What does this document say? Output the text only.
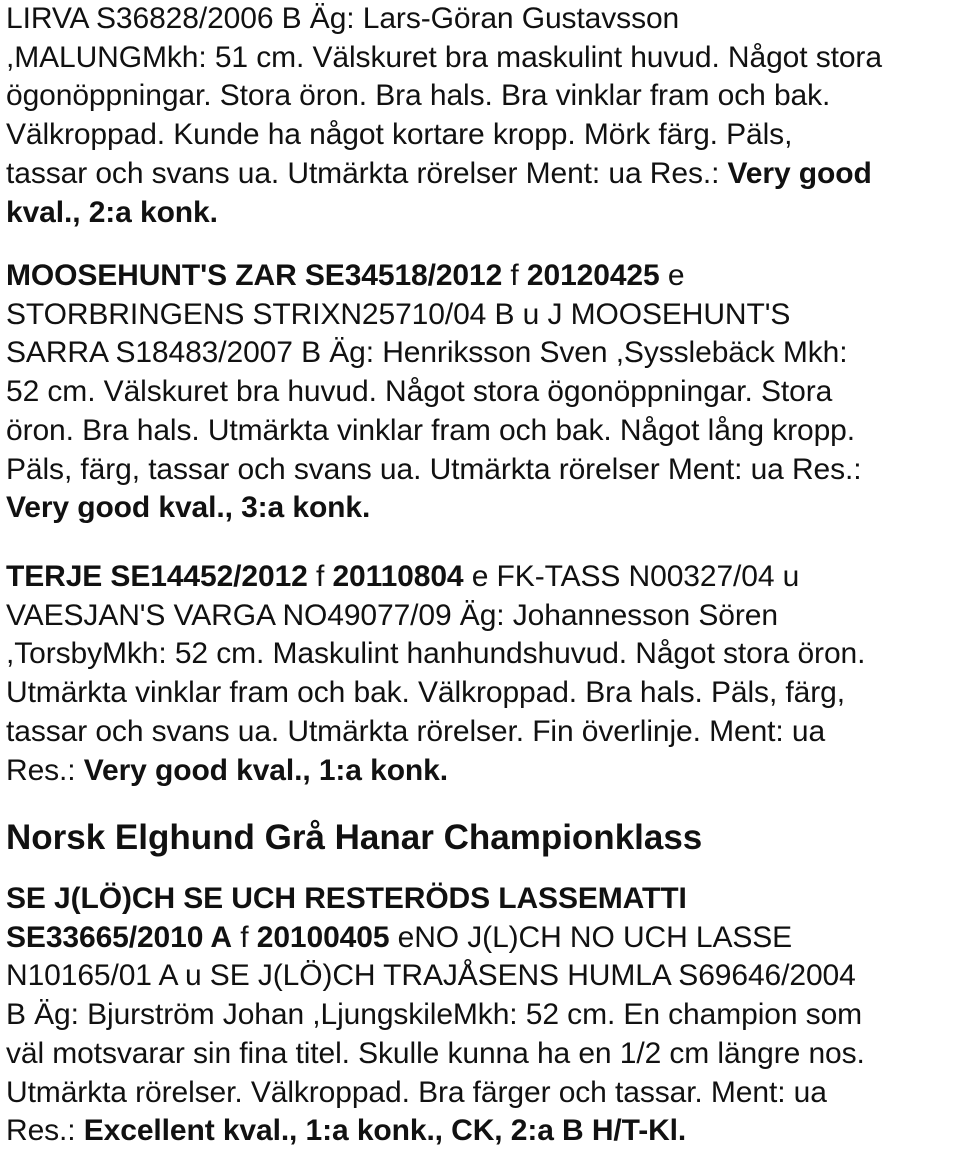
LIRVA S36828/2006 B Äg: Lars-Göran Gustavsson
,MALUNGMkh: 51 cm. Välskuret bra maskulint huvud. Något stora
ögonöppningar. Stora öron. Bra hals. Bra vinklar fram och bak.
Välkroppad. Kunde ha något kortare kropp. Mörk färg. Päls,
tassar och svans ua. Utmärkta rörelser Ment: ua Res.: Very good
kval., 2:a konk.

MOOSEHUNT'S ZAR SE34518/2012 f 20120425 e
STORBRINGENS STRIXN25710/04 B u J MOOSEHUNT'S
SARRA S18483/2007 B Äg: Henriksson Sven ,Sysslebäck Mkh:
52 cm. Välskuret bra huvud. Något stora ögonöppningar. Stora
öron. Bra hals. Utmärkta vinklar fram och bak. Något lång kropp.
Päls, färg, tassar och svans ua. Utmärkta rörelser Ment: ua Res.:
Very good kval., 3:a konk.

TERJE SE14452/2012 f 20110804 e FK-TASS N00327/04 u
VAESJAN'S VARGA NO49077/09 Äg: Johannesson Sören
,TorsbyMkh: 52 cm. Maskulint hanhundshuvud. Något stora öron.
Utmärkta vinklar fram och bak. Välkroppad. Bra hals. Päls, färg,
tassar och svans ua. Utmärkta rörelser. Fin överlinje. Ment: ua
Res.: Very good kval., 1:a konk.

Norsk Elghund Grå Hanar Championklass

SE J(LÖ)CH SE UCH RESTERÖDS LASSEMATTI
SE33665/2010 A f 20100405 eNO J(L)CH NO UCH LASSE
N10165/01 A u SE J(LÖ)CH TRAJÅSENS HUMLA S69646/2004
B Äg: Bjurström Johan ,LjungskileMkh: 52 cm. En champion som
väl motsvarar sin fina titel. Skulle kunna ha en 1/2 cm längre nos.
Utmärkta rörelser. Välkroppad. Bra färger och tassar. Ment: ua
Res.: Excellent kval., 1:a konk., CK, 2:a B H/T-Kl.
